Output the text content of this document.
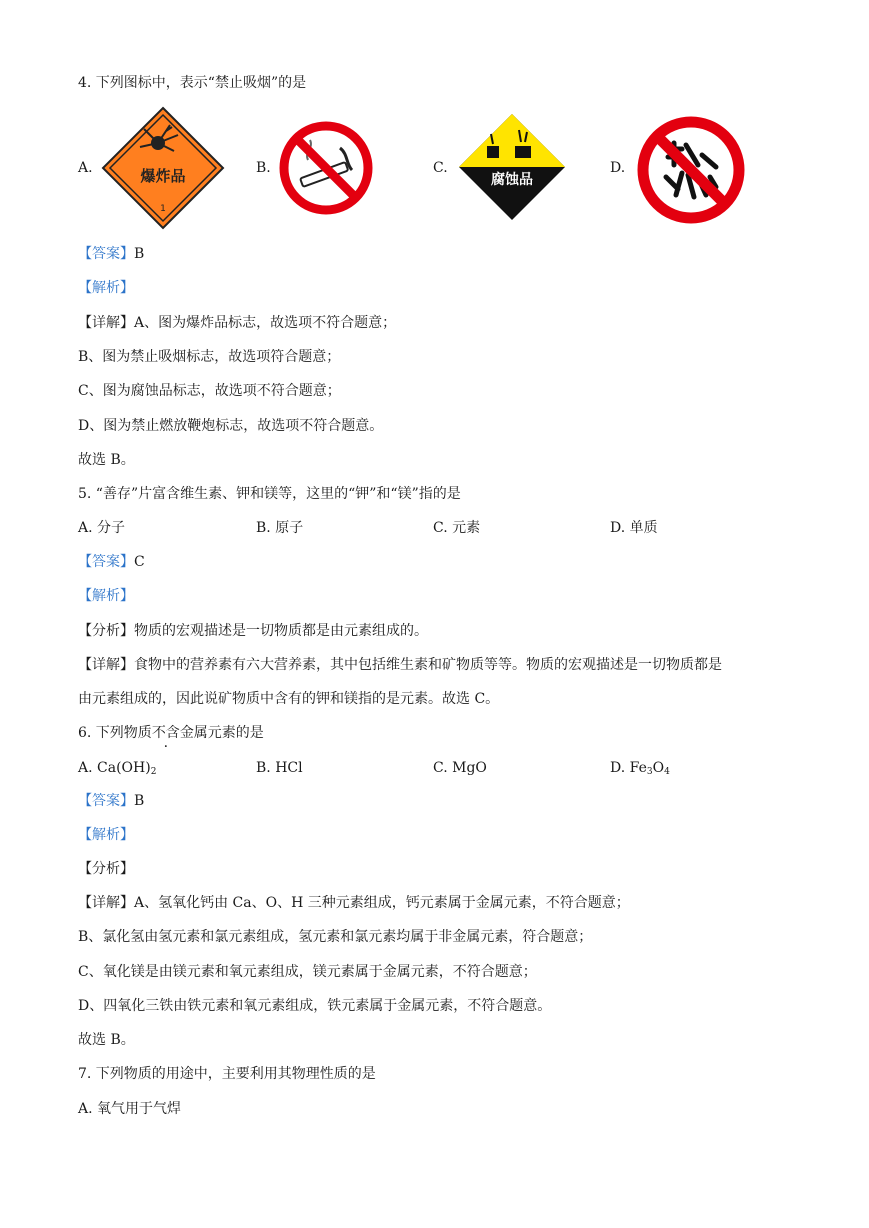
4. 下列图标中，表示“禁止吸烟”的是
A.	爆炸品
1
B.	C.
腐蚀品
D.
【答案】B
【解析】
【详解】A、图为爆炸品标志，故选项不符合题意；
B、图为禁止吸烟标志，故选项符合题意；
C、图为腐蚀品标志，故选项不符合题意；
D、图为禁止燃放鞭炮标志，故选项不符合题意。
故选 B。
5. “善存”片富含维生素、钾和镁等，这里的“钾”和“镁”指的是
A. 分子	B. 原子	C. 元素	D. 单质
【答案】C
【解析】
【分析】物质的宏观描述是一切物质都是由元素组成的。
【详解】食物中的营养素有六大营养素，其中包括维生素和矿物质等等。物质的宏观描述是一切物质都是
由元素组成的，因此说矿物质中含有的钾和镁指的是元素。故选 C。
6. 下列物质不含金属元素的是
A. $Ca(OH)_2$	B. HCl	C. MgO	D. $Fe_3O_4$
【答案】B
【解析】
【分析】
【详解】A、氢氧化钙由 Ca、O、H 三种元素组成，钙元素属于金属元素，不符合题意；
B、氯化氢由氢元素和氯元素组成，氢元素和氯元素均属于非金属元素，符合题意；
C、氧化镁是由镁元素和氧元素组成，镁元素属于金属元素，不符合题意；
D、四氧化三铁由铁元素和氧元素组成，铁元素属于金属元素，不符合题意。
故选 B。
7. 下列物质的用途中，主要利用其物理性质的是
A. 氧气用于气焊
